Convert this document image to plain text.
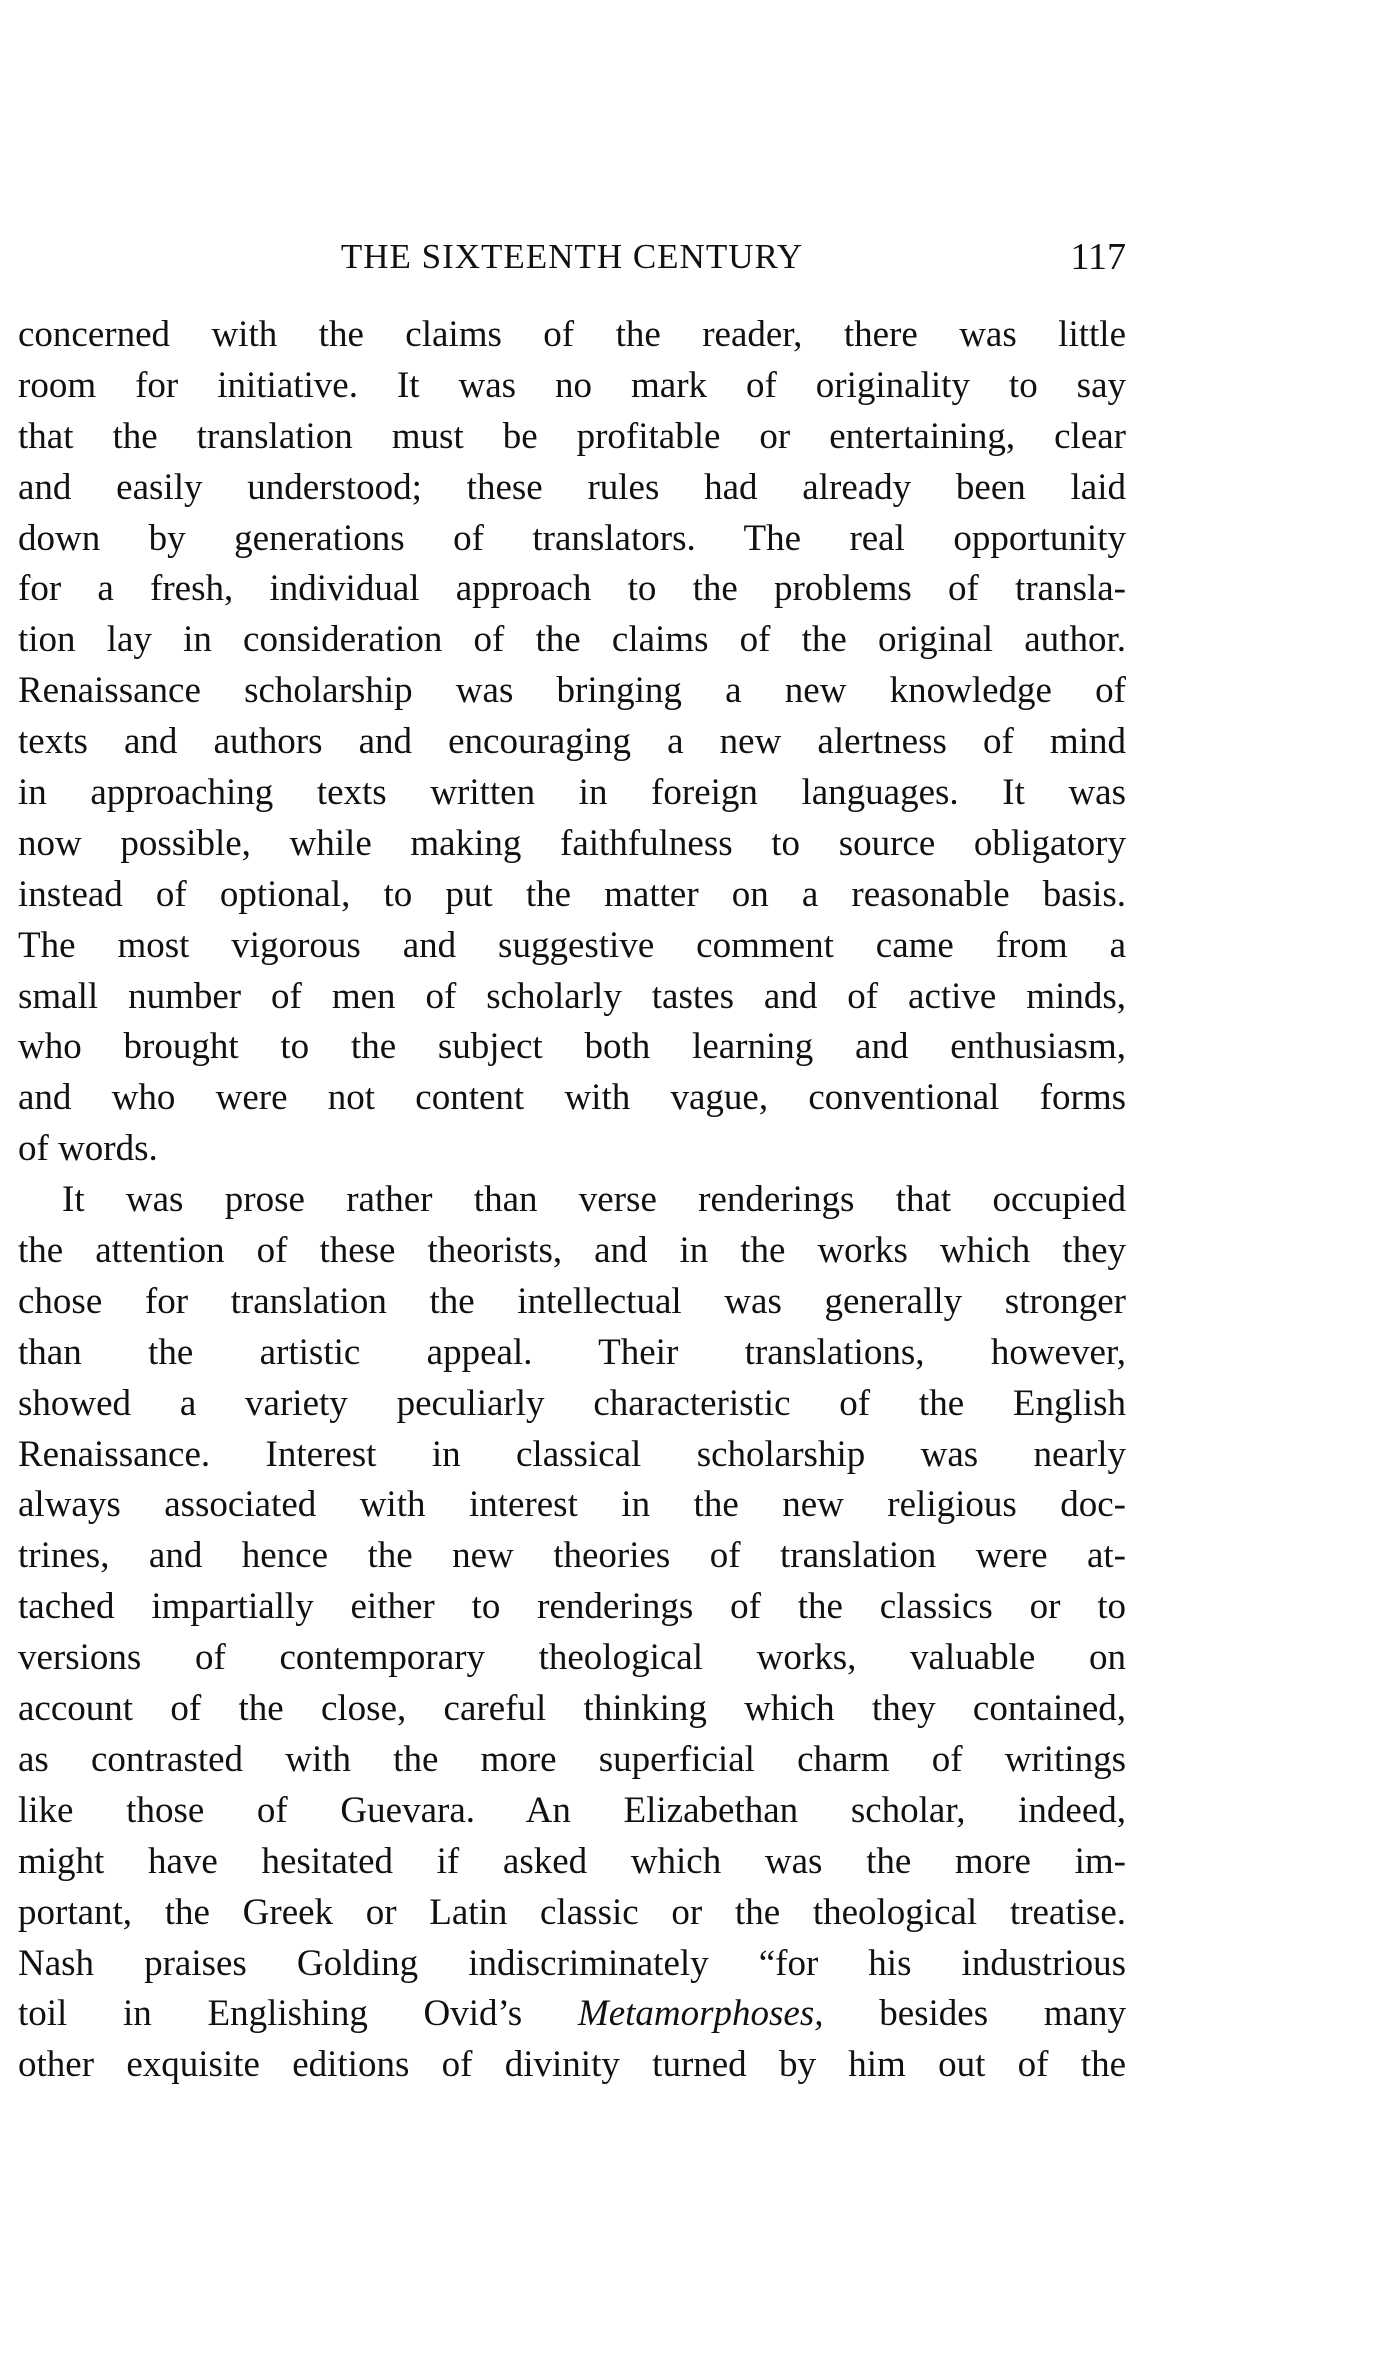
THE SIXTEENTH CENTURY	117
concerned with the claims of the reader, there was little
room for initiative. It was no mark of originality to say
that the translation must be profitable or entertaining, clear
and easily understood; these rules had already been laid
down by generations of translators. The real opportunity
for a fresh, individual approach to the problems of transla-
tion lay in consideration of the claims of the original author.
Renaissance scholarship was bringing a new knowledge of
texts and authors and encouraging a new alertness of mind
in approaching texts written in foreign languages. It was
now possible, while making faithfulness to source obligatory
instead of optional, to put the matter on a reasonable basis.
The most vigorous and suggestive comment came from a
small number of men of scholarly tastes and of active minds,
who brought to the subject both learning and enthusiasm,
and who were not content with vague, conventional forms
of words.
It was prose rather than verse renderings that occupied
the attention of these theorists, and in the works which they
chose for translation the intellectual was generally stronger
than the artistic appeal. Their translations, however,
showed a variety peculiarly characteristic of the English
Renaissance. Interest in classical scholarship was nearly
always associated with interest in the new religious doc-
trines, and hence the new theories of translation were at-
tached impartially either to renderings of the classics or to
versions of contemporary theological works, valuable on
account of the close, careful thinking which they contained,
as contrasted with the more superficial charm of writings
like those of Guevara. An Elizabethan scholar, indeed,
might have hesitated if asked which was the more im-
portant, the Greek or Latin classic or the theological treatise.
Nash praises Golding indiscriminately “for his industrious
toil in Englishing Ovid’s Metamorphoses, besides many
other exquisite editions of divinity turned by him out of the
